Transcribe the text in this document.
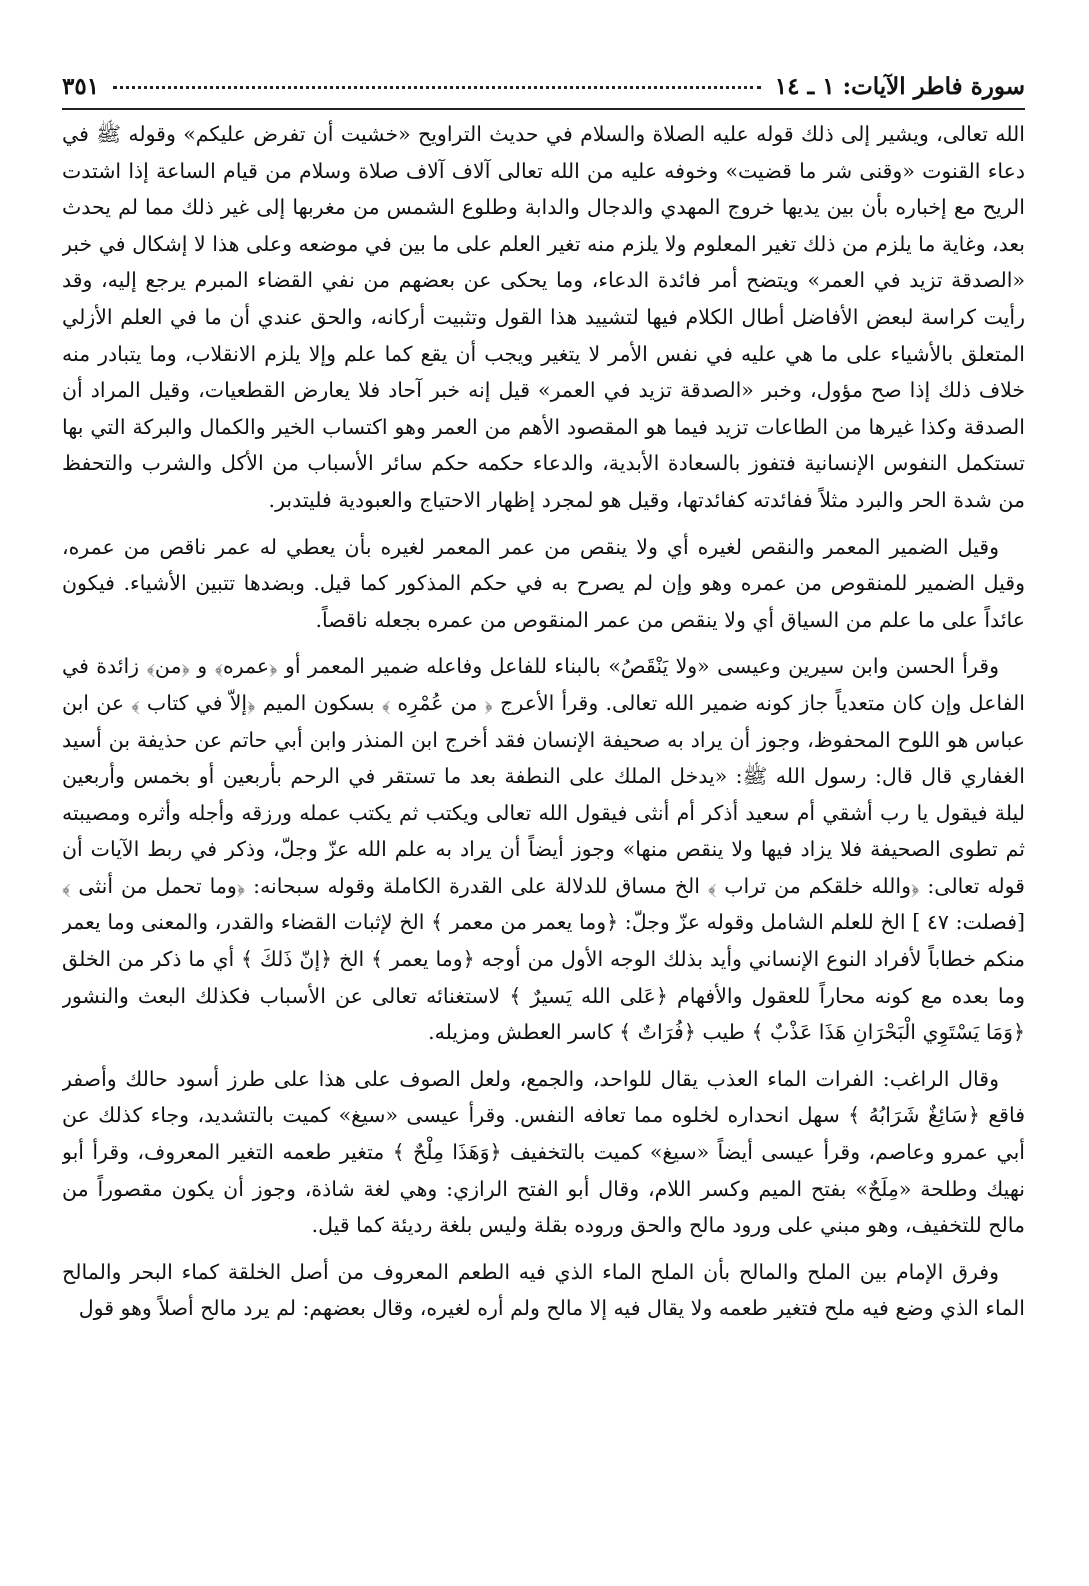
سورة فاطر الآيات: ١ ـ ١٤
٣٥١

الله تعالى، ويشير إلى ذلك قوله عليه الصلاة والسلام في حديث التراويح «خشيت أن تفرض عليكم» وقوله ﷺ في دعاء القنوت «وقنى شر ما قضيت» وخوفه عليه من الله تعالى آلاف آلاف صلاة وسلام من قيام الساعة إذا اشتدت الريح مع إخباره بأن بين يديها خروج المهدي والدجال والدابة وطلوع الشمس من مغربها إلى غير ذلك مما لم يحدث بعد، وغاية ما يلزم من ذلك تغير المعلوم ولا يلزم منه تغير العلم على ما بين في موضعه وعلى هذا لا إشكال في خبر «الصدقة تزيد في العمر» ويتضح أمر فائدة الدعاء، وما يحكى عن بعضهم من نفي القضاء المبرم يرجع إليه، وقد رأيت كراسة لبعض الأفاضل أطال الكلام فيها لتشييد هذا القول وتثبيت أركانه، والحق عندي أن ما في العلم الأزلي المتعلق بالأشياء على ما هي عليه في نفس الأمر لا يتغير ويجب أن يقع كما علم وإلا يلزم الانقلاب، وما يتبادر منه خلاف ذلك إذا صح مؤول، وخبر «الصدقة تزيد في العمر» قيل إنه خبر آحاد فلا يعارض القطعيات، وقيل المراد أن الصدقة وكذا غيرها من الطاعات تزيد فيما هو المقصود الأهم من العمر وهو اكتساب الخير والكمال والبركة التي بها تستكمل النفوس الإنسانية فتفوز بالسعادة الأبدية، والدعاء حكمه حكم سائر الأسباب من الأكل والشرب والتحفظ من شدة الحر والبرد مثلاً ففائدته كفائدتها، وقيل هو لمجرد إظهار الاحتياج والعبودية فليتدبر.

وقيل الضمير المعمر والنقص لغيره أي ولا ينقص من عمر المعمر لغيره بأن يعطي له عمر ناقص من عمره، وقيل الضمير للمنقوص من عمره وهو وإن لم يصرح به في حكم المذكور كما قيل. وبضدها تتبين الأشياء. فيكون عائداً على ما علم من السياق أي ولا ينقص من عمر المنقوص من عمره بجعله ناقصاً.

وقرأ الحسن وابن سيرين وعيسى «ولا يَنْقَصُ» بالبناء للفاعل وفاعله ضمير المعمر أو ﴿عمره﴾ و ﴿من﴾ زائدة في الفاعل وإن كان متعدياً جاز كونه ضمير الله تعالى. وقرأ الأعرج ﴿ من عُمْرِه ﴾ بسكون الميم ﴿إلاّ في كتاب ﴾ عن ابن عباس هو اللوح المحفوظ، وجوز أن يراد به صحيفة الإنسان فقد أخرج ابن المنذر وابن أبي حاتم عن حذيفة بن أسيد الغفاري قال قال: رسول الله ﷺ: «يدخل الملك على النطفة بعد ما تستقر في الرحم بأربعين أو بخمس وأربعين ليلة فيقول يا رب أشقي أم سعيد أذكر أم أنثى فيقول الله تعالى ويكتب ثم يكتب عمله ورزقه وأجله وأثره ومصيبته ثم تطوى الصحيفة فلا يزاد فيها ولا ينقص منها» وجوز أيضاً أن يراد به علم الله عزّ وجلّ، وذكر في ربط الآيات أن قوله تعالى: ﴿والله خلقكم من تراب ﴾ الخ مساق للدلالة على القدرة الكاملة وقوله سبحانه: ﴿وما تحمل من أنثى ﴾ [فصلت: ٤٧ ] الخ للعلم الشامل وقوله عزّ وجلّ: ﴿وما يعمر من معمر ﴾ الخ لإثبات القضاء والقدر، والمعنى وما يعمر منكم خطاباً لأفراد النوع الإنساني وأيد بذلك الوجه الأول من أوجه ﴿وما يعمر ﴾ الخ ﴿إنّ ذَلكَ ﴾ أي ما ذكر من الخلق وما بعده مع كونه محاراً للعقول والأفهام ﴿عَلى الله يَسيرٌ ﴾ لاستغنائه تعالى عن الأسباب فكذلك البعث والنشور ﴿وَمَا يَسْتَوِي الْبَحْرَانِ هَذَا عَذْبٌ ﴾ طيب ﴿فُرَاتٌ ﴾ كاسر العطش ومزيله.

وقال الراغب: الفرات الماء العذب يقال للواحد، والجمع، ولعل الصوف على هذا على طرز أسود حالك وأصفر فاقع ﴿سَائِغٌ شَرَابُهُ ﴾ سهل انحداره لخلوه مما تعافه النفس. وقرأ عيسى «سيغ» كميت بالتشديد، وجاء كذلك عن أبي عمرو وعاصم، وقرأ عيسى أيضاً «سيغ» كميت بالتخفيف ﴿وَهَذَا مِلْحٌ ﴾ متغير طعمه التغير المعروف، وقرأ أبو نهيك وطلحة «مِلَحٌ» بفتح الميم وكسر اللام، وقال أبو الفتح الرازي: وهي لغة شاذة، وجوز أن يكون مقصوراً من مالح للتخفيف، وهو مبني على ورود مالح والحق وروده بقلة وليس بلغة رديئة كما قيل.

وفرق الإمام بين الملح والمالح بأن الملح الماء الذي فيه الطعم المعروف من أصل الخلقة كماء البحر والمالح الماء الذي وضع فيه ملح فتغير طعمه ولا يقال فيه إلا مالح ولم أره لغيره، وقال بعضهم: لم يرد مالح أصلاً وهو قول
